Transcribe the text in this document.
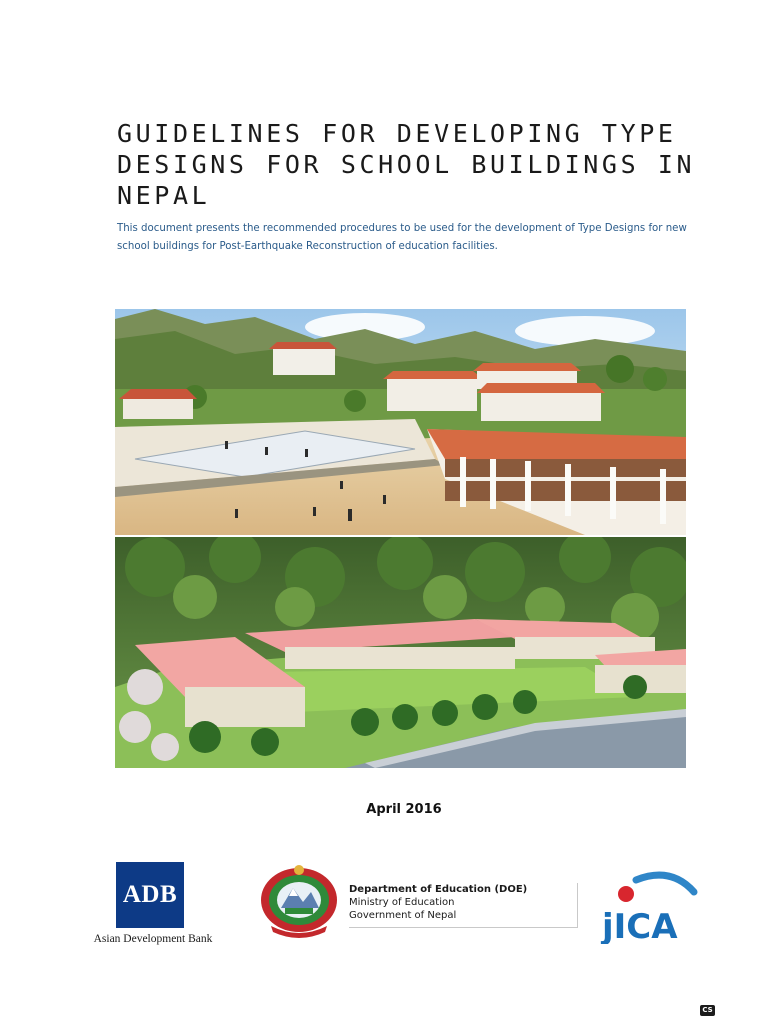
GUIDELINES FOR DEVELOPING TYPE
DESIGNS FOR SCHOOL BUILDINGS IN
NEPAL

This document presents the recommended procedures to be used for the development of Type Designs for new
school buildings for Post-Earthquake Reconstruction of education facilities.

April 2016
ADB
Asian Development Bank
Department of Education (DOE)
Ministry of Education
Government of Nepal	jICA
CS
